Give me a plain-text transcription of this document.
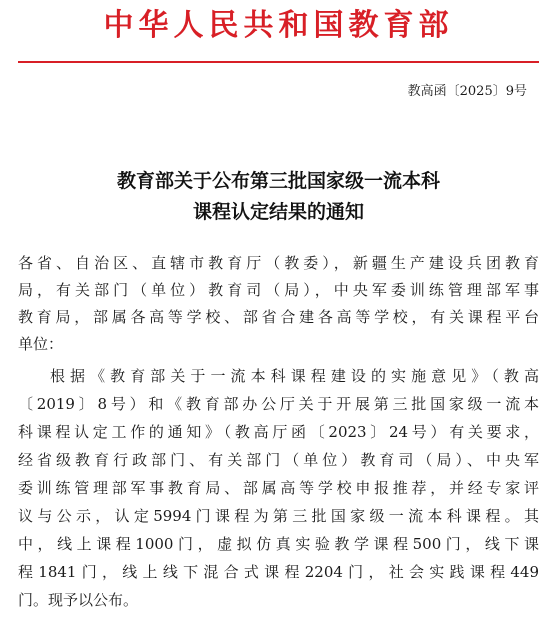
中华人民共和国教育部
教高函〔2025〕9号
教育部关于公布第三批国家级一流本科
课程认定结果的通知
各省、自治区、直辖市教育厅（教委），新疆生产建设兵团教育
局，有关部门（单位）教育司（局），中央军委训练管理部军事
教育局，部属各高等学校、部省合建各高等学校，有关课程平台
单位：
根据《教育部关于一流本科课程建设的实施意见》（教高
〔2019〕8号）和《教育部办公厅关于开展第三批国家级一流本
科课程认定工作的通知》（教高厅函〔2023〕24号）有关要求，
经省级教育行政部门、有关部门（单位）教育司（局）、中央军
委训练管理部军事教育局、部属高等学校申报推荐，并经专家评
议与公示，认定5994门课程为第三批国家级一流本科课程。其
中，线上课程1000门，虚拟仿真实验教学课程500门，线下课
程1841门，线上线下混合式课程2204门，社会实践课程449
门。现予以公布。
